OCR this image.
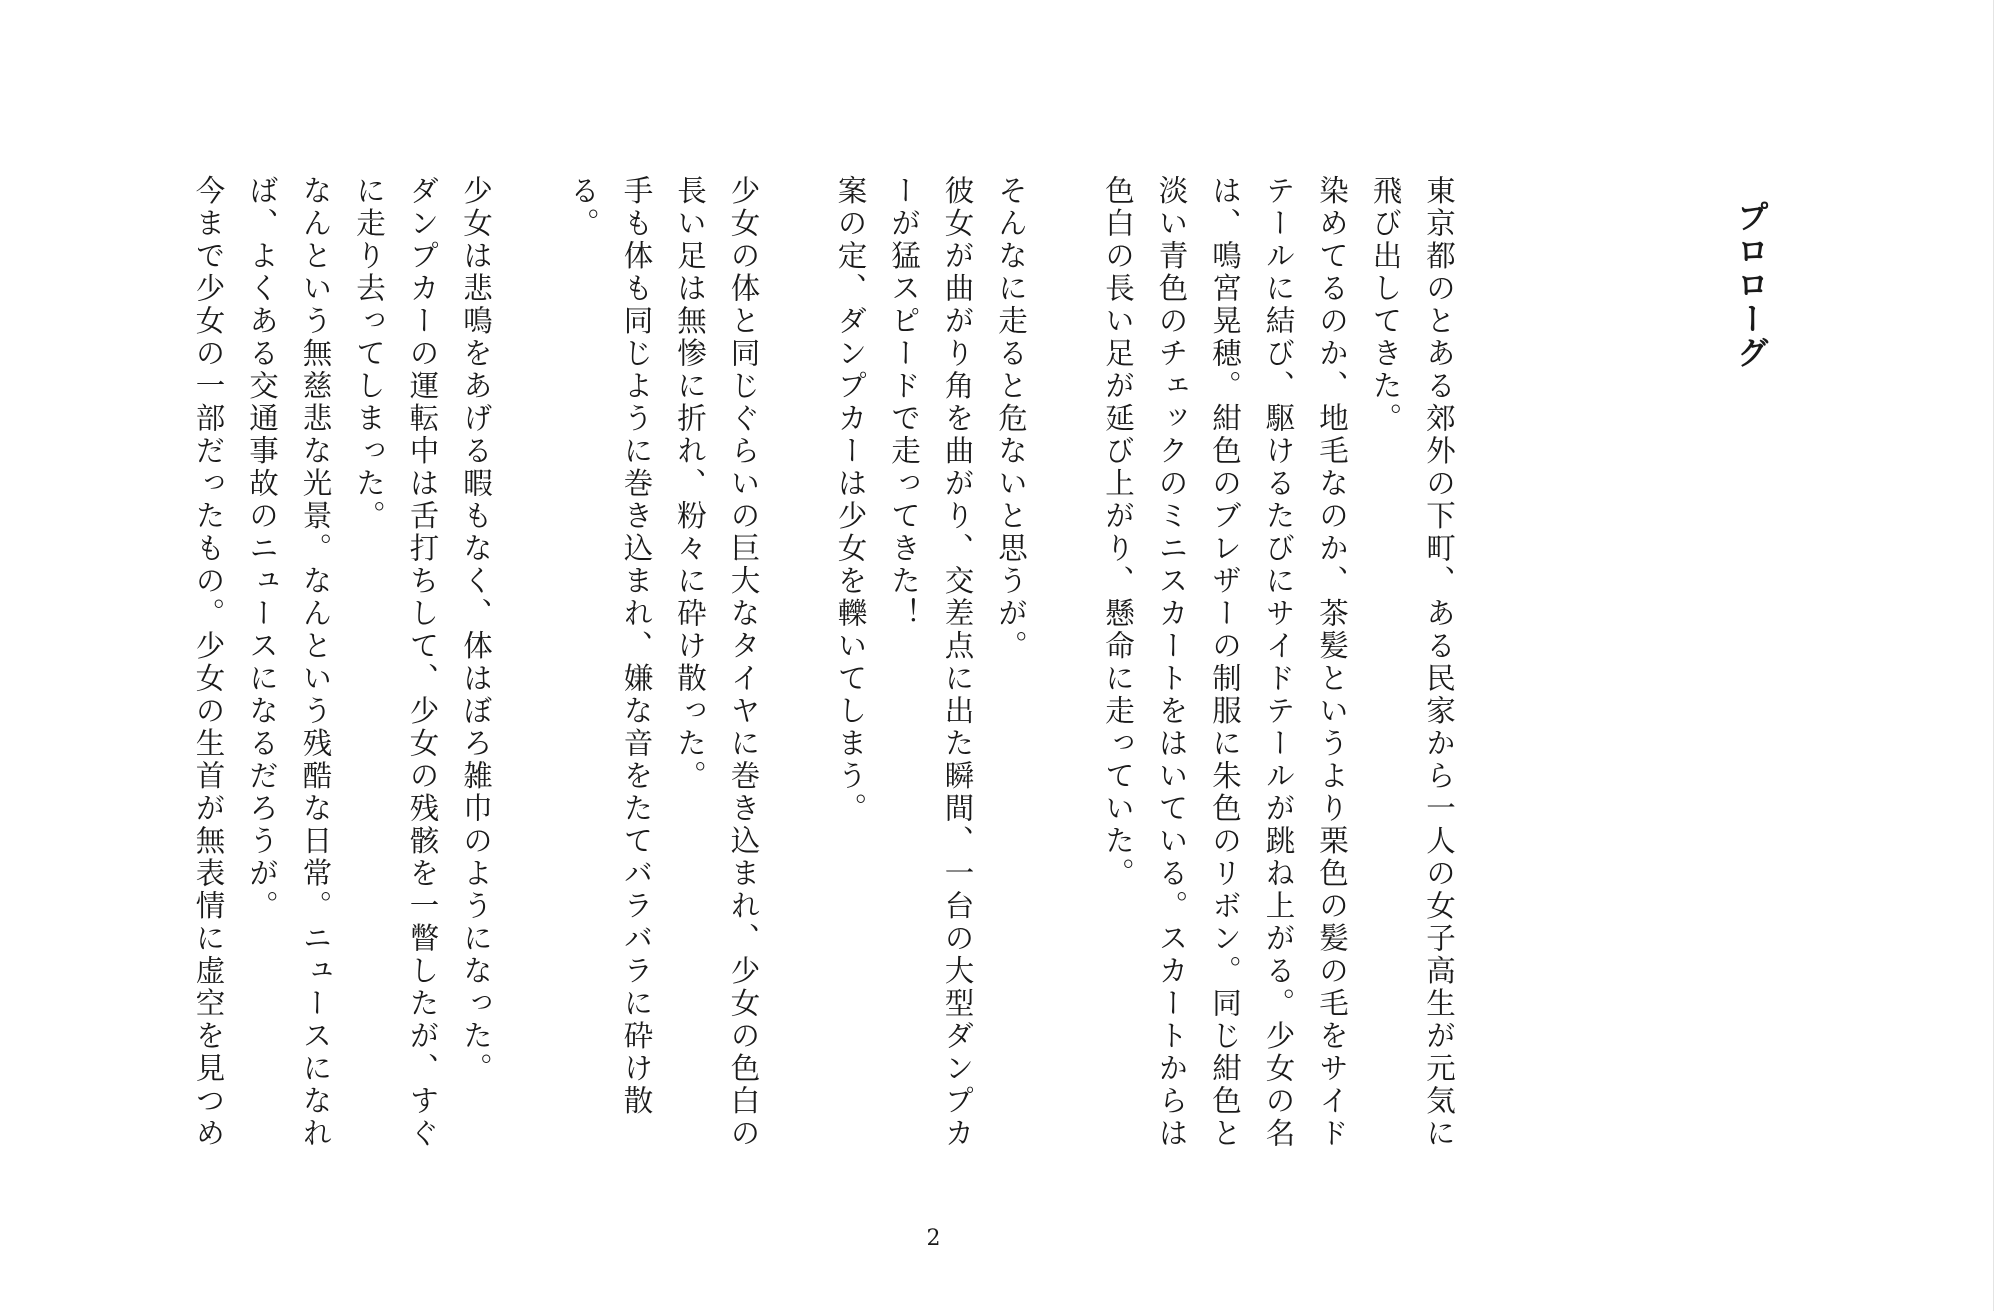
プロローグ

東京都のとある郊外の下町、ある民家から一人の女子高生が元気に飛び出してきた。

染めてるのか、地毛なのか、茶髪というより栗色の髪の毛をサイドテールに結び、駆けるたびにサイドテールが跳ね上がる。少女の名は、鳴宮晃穂。紺色のブレザーの制服に朱色のリボン。同じ紺色と淡い青色のチェックのミニスカートをはいている。スカートからは色白の長い足が延び上がり、懸命に走っていた。

そんなに走ると危ないと思うが。

彼女が曲がり角を曲がり、交差点に出た瞬間、一台の大型ダンプカーが猛スピードで走ってきた！

案の定、ダンプカーは少女を轢いてしまう。

少女の体と同じぐらいの巨大なタイヤに巻き込まれ、少女の色白の長い足は無惨に折れ、粉々に砕け散った。

手も体も同じように巻き込まれ、嫌な音をたてバラバラに砕け散る。

少女は悲鳴をあげる暇もなく、体はぼろ雑巾のようになった。

ダンプカーの運転中は舌打ちして、少女の残骸を一瞥したが、すぐに走り去ってしまった。

なんという無慈悲な光景。なんという残酷な日常。ニュースになれば、よくある交通事故のニュースになるだろうが。

今まで少女の一部だったもの。少女の生首が無表情に虚空を見つめ

2
